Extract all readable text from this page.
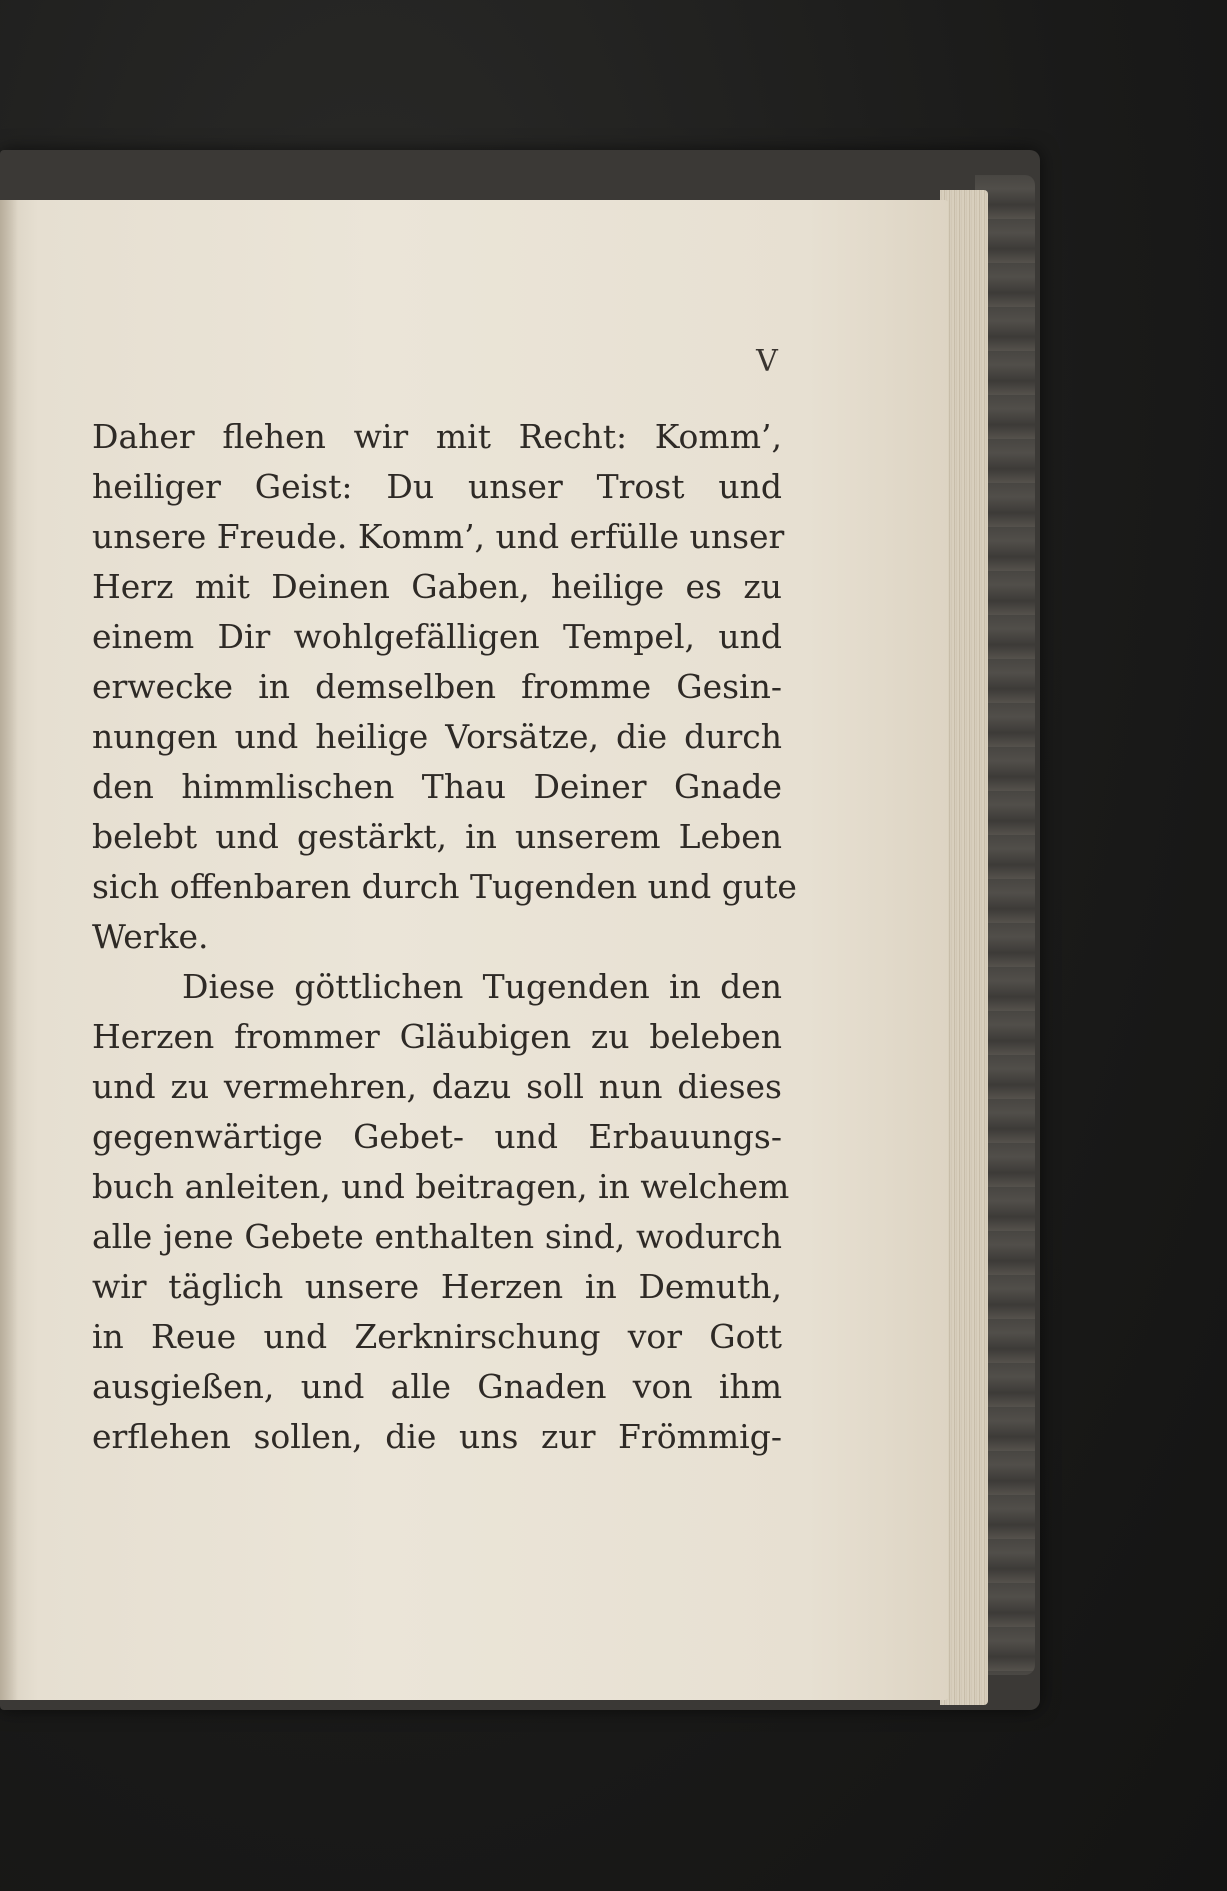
V
Daher flehen wir mit Recht: Komm’,
heiliger Geist: Du unser Trost und
unsere Freude. Komm’, und erfülle unser
Herz mit Deinen Gaben, heilige es zu
einem Dir wohlgefälligen Tempel, und
erwecke in demselben fromme Gesin-
nungen und heilige Vorsätze, die durch
den himmlischen Thau Deiner Gnade
belebt und gestärkt, in unserem Leben
sich offenbaren durch Tugenden und gute
Werke.
Diese göttlichen Tugenden in den
Herzen frommer Gläubigen zu beleben
und zu vermehren, dazu soll nun dieses
gegenwärtige Gebet- und Erbauungs-
buch anleiten, und beitragen, in welchem
alle jene Gebete enthalten sind, wodurch
wir täglich unsere Herzen in Demuth,
in Reue und Zerknirschung vor Gott
ausgießen, und alle Gnaden von ihm
erflehen sollen, die uns zur Frömmig-
